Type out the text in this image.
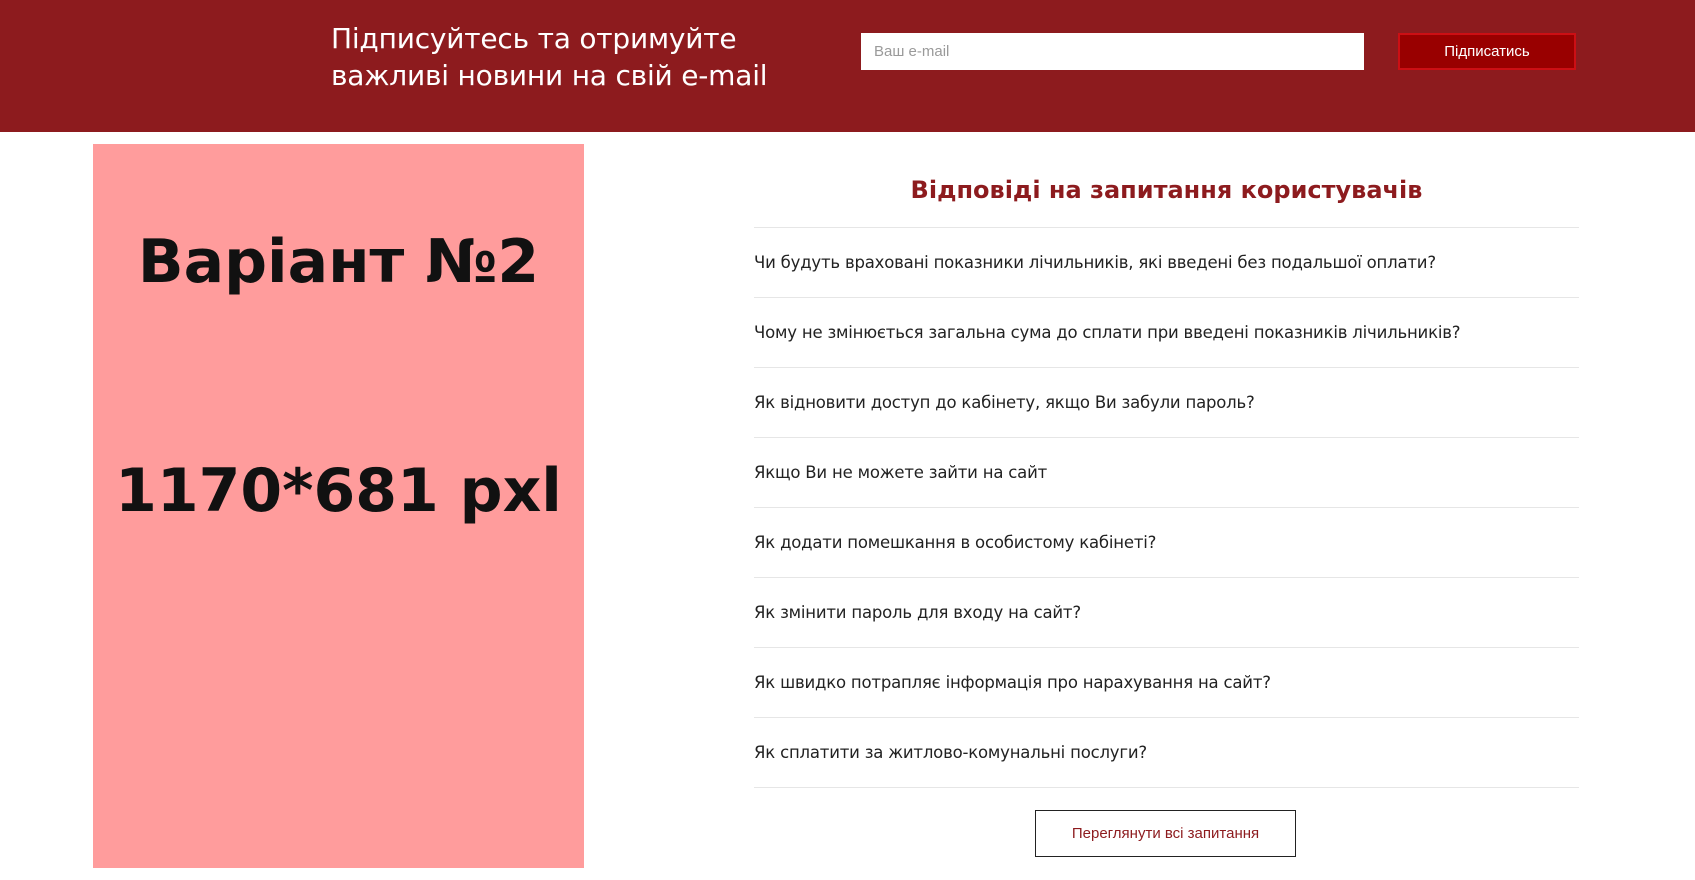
Підписуйтесь та отримуйте
важливі новини на свій e-mail
Ваш e-mail
Підписатись
Варіант №2
1170*681 pxl
Відповіді на запитання користувачів
Чи будуть враховані показники лічильників, які введені без подальшої оплати?
Чому не змінюється загальна сума до сплати при введені показників лічильників?
Як відновити доступ до кабінету, якщо Ви забули пароль?
Якщо Ви не можете зайти на сайт
Як додати помешкання в особистому кабінеті?
Як змінити пароль для входу на сайт?
Як швидко потрапляє інформація про нарахування на сайт?
Як сплатити за житлово-комунальні послуги?
Переглянути всі запитання
